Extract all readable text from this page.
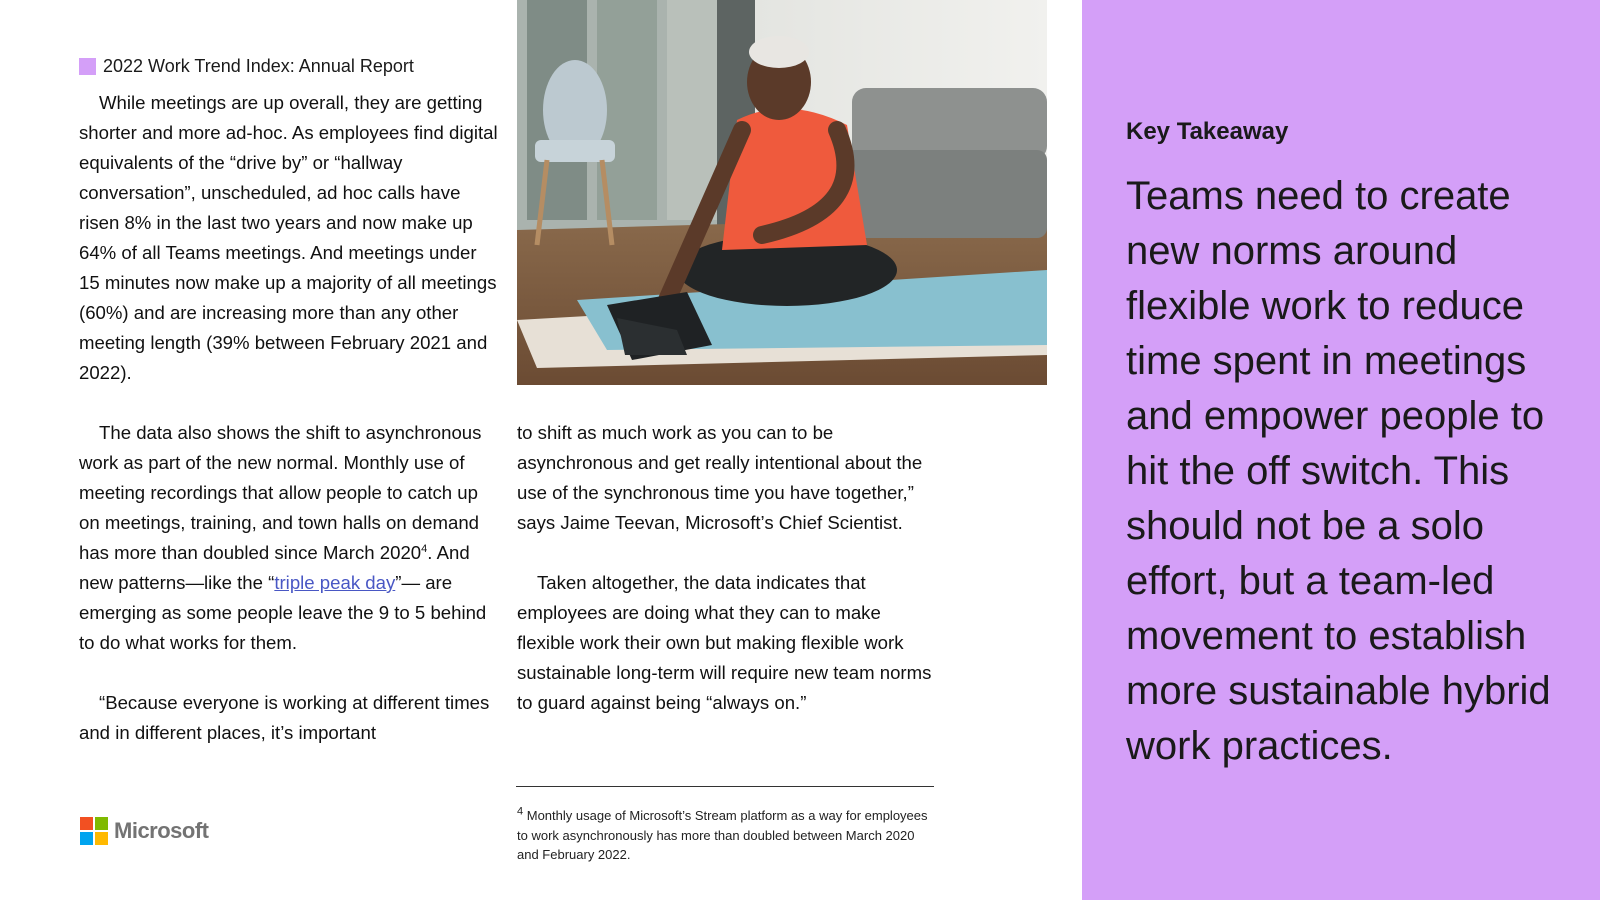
2022 Work Trend Index: Annual Report

While meetings are up overall, they are getting shorter and more ad-hoc. As employees find digital equivalents of the “drive by” or “hallway conversation”, unscheduled, ad hoc calls have risen 8% in the last two years and now make up 64% of all Teams meetings. And meetings under 15 minutes now make up a majority of all meetings (60%) and are increasing more than any other meeting length (39% between February 2021 and 2022).

The data also shows the shift to asynchronous work as part of the new normal. Monthly use of meeting recordings that allow people to catch up on meetings, training, and town halls on demand has more than doubled since March 2020$^4$. And new patterns—like the “triple peak day”— are emerging as some people leave the 9 to 5 behind to do what works for them.

“Because everyone is working at different times and in different places, it’s important

to shift as much work as you can to be asynchronous and get really intentional about the use of the synchronous time you have together,” says Jaime Teevan, Microsoft’s Chief Scientist.

Taken altogether, the data indicates that employees are doing what they can to make flexible work their own but making flexible work sustainable long-term will require new team norms to guard against being “always on.”

$^4$ Monthly usage of Microsoft’s Stream platform as a way for employees to work asynchronously has more than doubled between March 2020 and February 2022.
Microsoft
Key Takeaway
Teams need to create new norms around flexible work to reduce time spent in meetings and empower people to hit the off switch. This should not be a solo effort, but a team-led movement to establish more sustainable hybrid work practices.
